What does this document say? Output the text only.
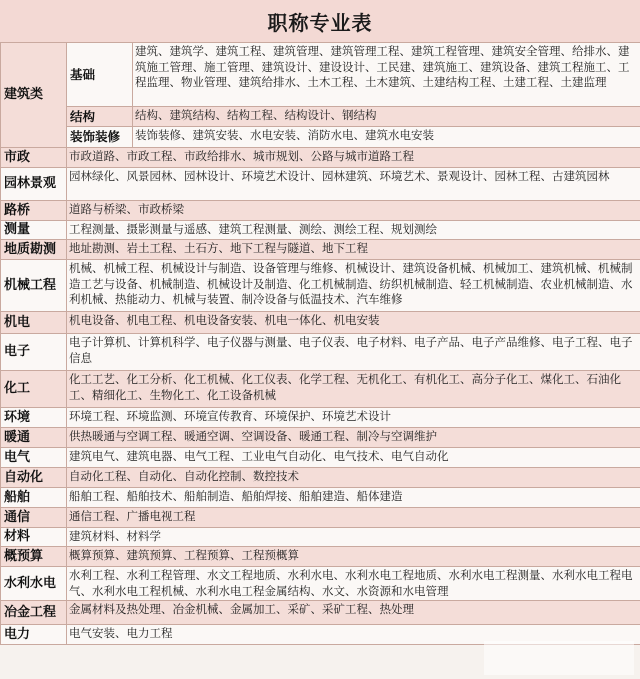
职称专业表
建筑类	基础	建筑、建筑学、建筑工程、建筑管理、建筑管理工程、建筑工程管理、建筑安全管理、给排水、建筑施工管理、施工管理、建筑设计、建设设计、工民建、建筑施工、建筑设备、建筑工程施工、工程监理、物业管理、建筑给排水、土木工程、土木建筑、土建结构工程、土建工程、土建监理
	结构	结构、建筑结构、结构工程、结构设计、钢结构
	装饰装修	装饰装修、建筑安装、水电安装、消防水电、建筑水电安装
市政	市政道路、市政工程、市政给排水、城市规划、公路与城市道路工程	
园林景观	园林绿化、风景园林、园林设计、环境艺术设计、园林建筑、环境艺术、景观设计、园林工程、古建筑园林	
路桥	道路与桥梁、市政桥梁	
测量	工程测量、摄影测量与遥感、建筑工程测量、测绘、测绘工程、规划测绘	
地质勘测	地址勘测、岩土工程、土石方、地下工程与隧道、地下工程	
机械工程	机械、机械工程、机械设计与制造、设备管理与维修、机械设计、建筑设备机械、机械加工、建筑机械、机械制造工艺与设备、机械制造、机械设计及制造、化工机械制造、纺织机械制造、轻工机械制造、农业机械制造、水利机械、热能动力、机械与装置、制冷设备与低温技术、汽车维修	
机电	机电设备、机电工程、机电设备安装、机电一体化、机电安装	
电子	电子计算机、计算机科学、电子仪器与测量、电子仪表、电子材料、电子产品、电子产品维修、电子工程、电子信息	
化工	化工工艺、化工分析、化工机械、化工仪表、化学工程、无机化工、有机化工、高分子化工、煤化工、石油化工、精细化工、生物化工、化工设备机械	
环境	环境工程、环境监测、环境宣传教育、环境保护、环境艺术设计	
暖通	供热暖通与空调工程、暖通空调、空调设备、暖通工程、制冷与空调维护	
电气	建筑电气、建筑电器、电气工程、工业电气自动化、电气技术、电气自动化	
自动化	自动化工程、自动化、自动化控制、数控技术	
船舶	船舶工程、船舶技术、船舶制造、船舶焊接、船舶建造、船体建造	
通信	通信工程、广播电视工程	
材料	建筑材料、材料学	
概预算	概算预算、建筑预算、工程预算、工程预概算	
水利水电	水利工程、水利工程管理、水文工程地质、水利水电、水利水电工程地质、水利水电工程测量、水利水电工程电气、水利水电工程机械、水利水电工程金属结构、水文、水资源和水电管理	
冶金工程	金属材料及热处理、冶金机械、金属加工、采矿、采矿工程、热处理	
电力	电气安装、电力工程	
